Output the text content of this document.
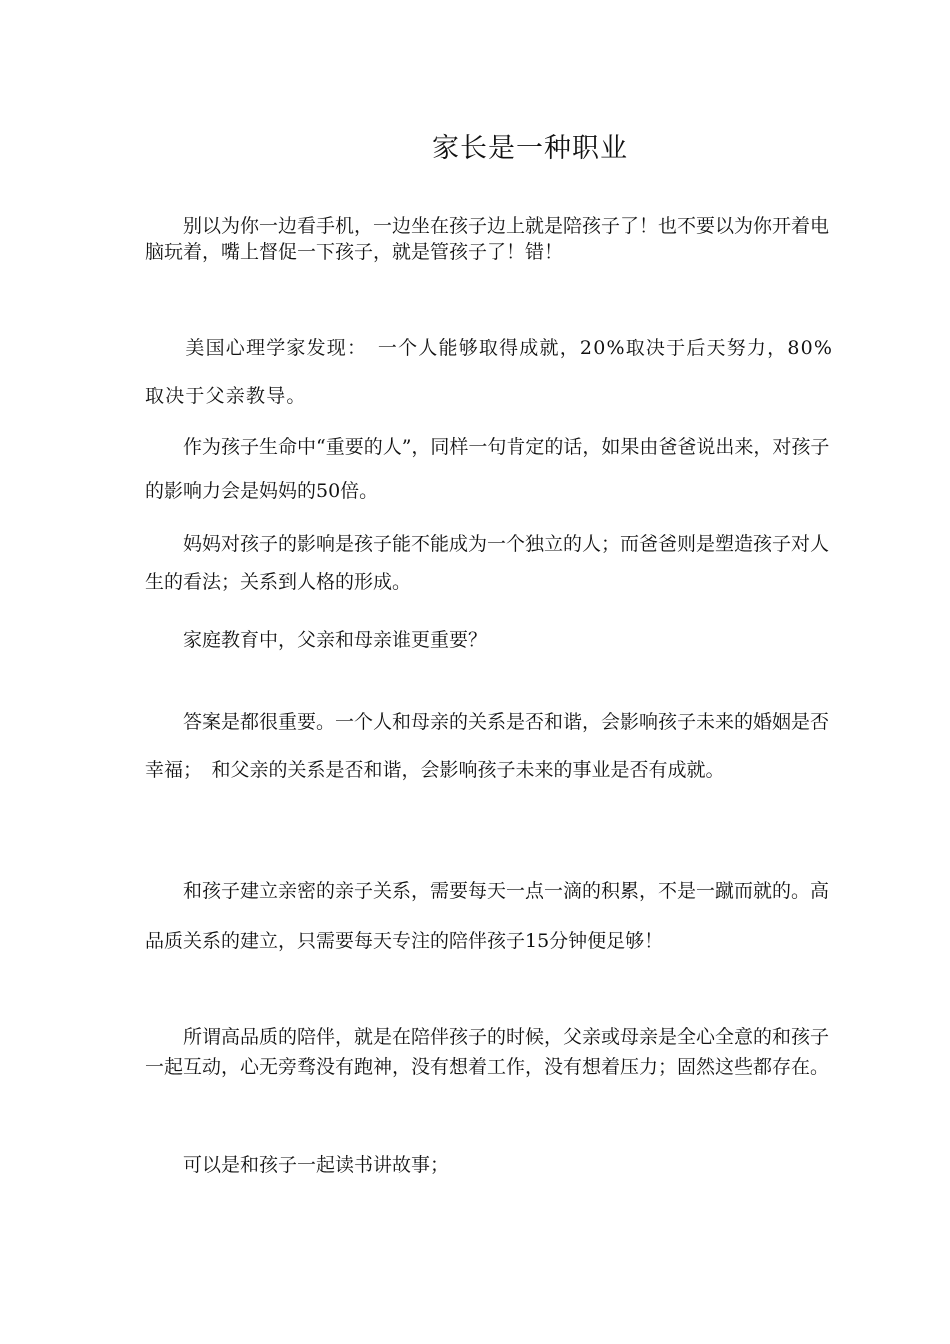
家长是一种职业

　　别以为你一边看手机，一边坐在孩子边上就是陪孩子了！也不要以为你开着电脑玩着，嘴上督促一下孩子，就是管孩子了！错！

　　美国心理学家发现：　一个人能够取得成就，20%取决于后天努力，80%取决于父亲教导。

　　作为孩子生命中“重要的人”，同样一句肯定的话，如果由爸爸说出来，对孩子的影响力会是妈妈的50倍。

　　妈妈对孩子的影响是孩子能不能成为一个独立的人；而爸爸则是塑造孩子对人生的看法；关系到人格的形成。

　　家庭教育中，父亲和母亲谁更重要？

　　答案是都很重要。一个人和母亲的关系是否和谐，会影响孩子未来的婚姻是否幸福；　和父亲的关系是否和谐，会影响孩子未来的事业是否有成就。

　　和孩子建立亲密的亲子关系，需要每天一点一滴的积累，不是一蹴而就的。高品质关系的建立，只需要每天专注的陪伴孩子15分钟便足够！

　　所谓高品质的陪伴，就是在陪伴孩子的时候，父亲或母亲是全心全意的和孩子一起互动，心无旁骛没有跑神，没有想着工作，没有想着压力；固然这些都存在。

　　可以是和孩子一起读书讲故事；
